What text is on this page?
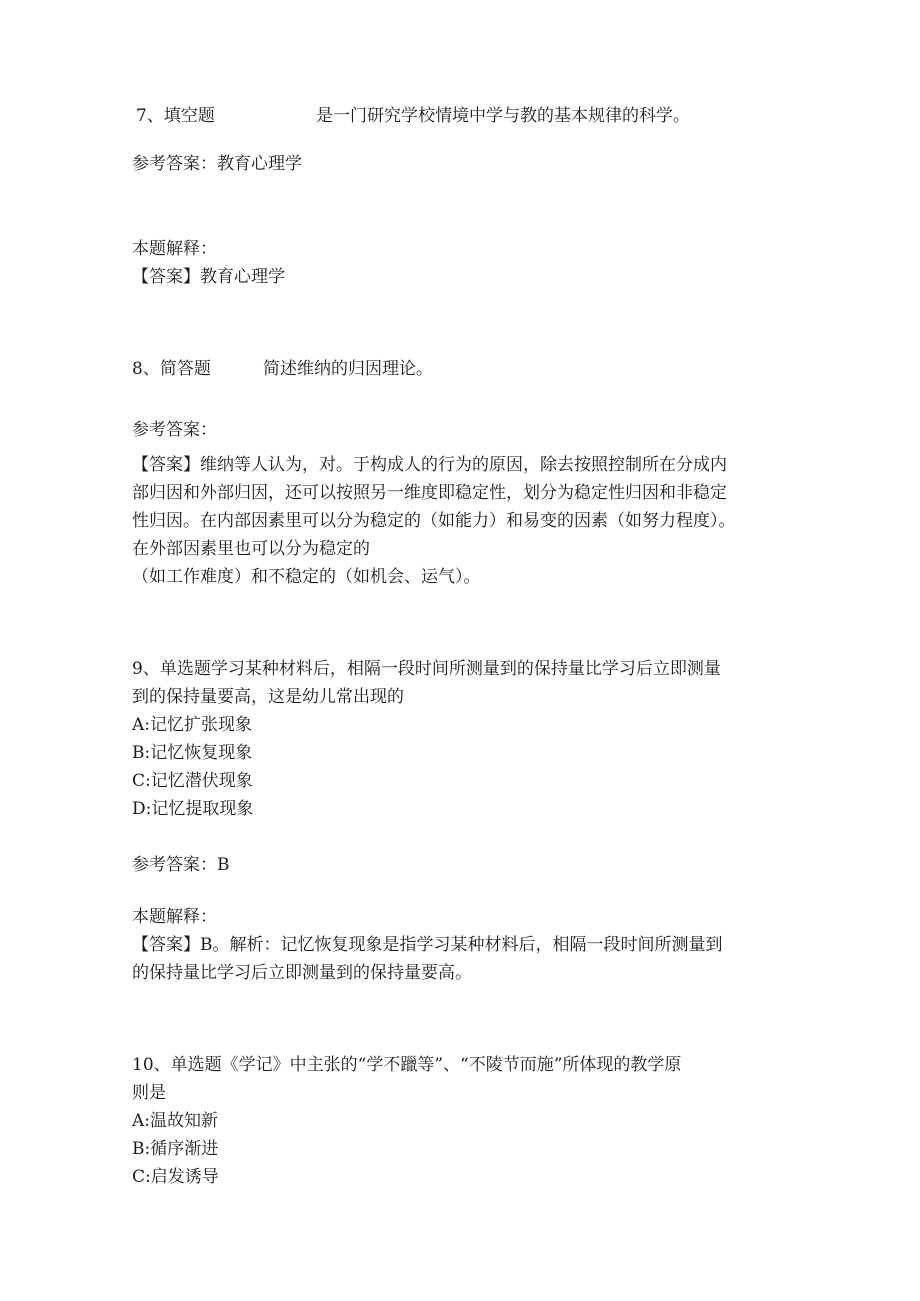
7、填空题	是一门研究学校情境中学与教的基本规律的科学。
参考答案：教育心理学
本题解释：
【答案】教育心理学
8、简答题	简述维纳的归因理论。
参考答案：
【答案】维纳等人认为，对。于构成人的行为的原因，除去按照控制所在分成内
部归因和外部归因，还可以按照另一维度即稳定性，划分为稳定性归因和非稳定
性归因。在内部因素里可以分为稳定的（如能力）和易变的因素（如努力程度）。
在外部因素里也可以分为稳定的
（如工作难度）和不稳定的（如机会、运气）。
9、单选题学习某种材料后，相隔一段时间所测量到的保持量比学习后立即测量
到的保持量要高，这是幼儿常出现的
A:记忆扩张现象
B:记忆恢复现象
C:记忆潜伏现象
D:记忆提取现象
参考答案：B
本题解释：
【答案】B。解析：记忆恢复现象是指学习某种材料后，相隔一段时间所测量到
的保持量比学习后立即测量到的保持量要高。
10、单选题《学记》中主张的“学不躐等”、“不陵节而施”所体现的教学原
则是
A:温故知新
B:循序渐进
C:启发诱导
